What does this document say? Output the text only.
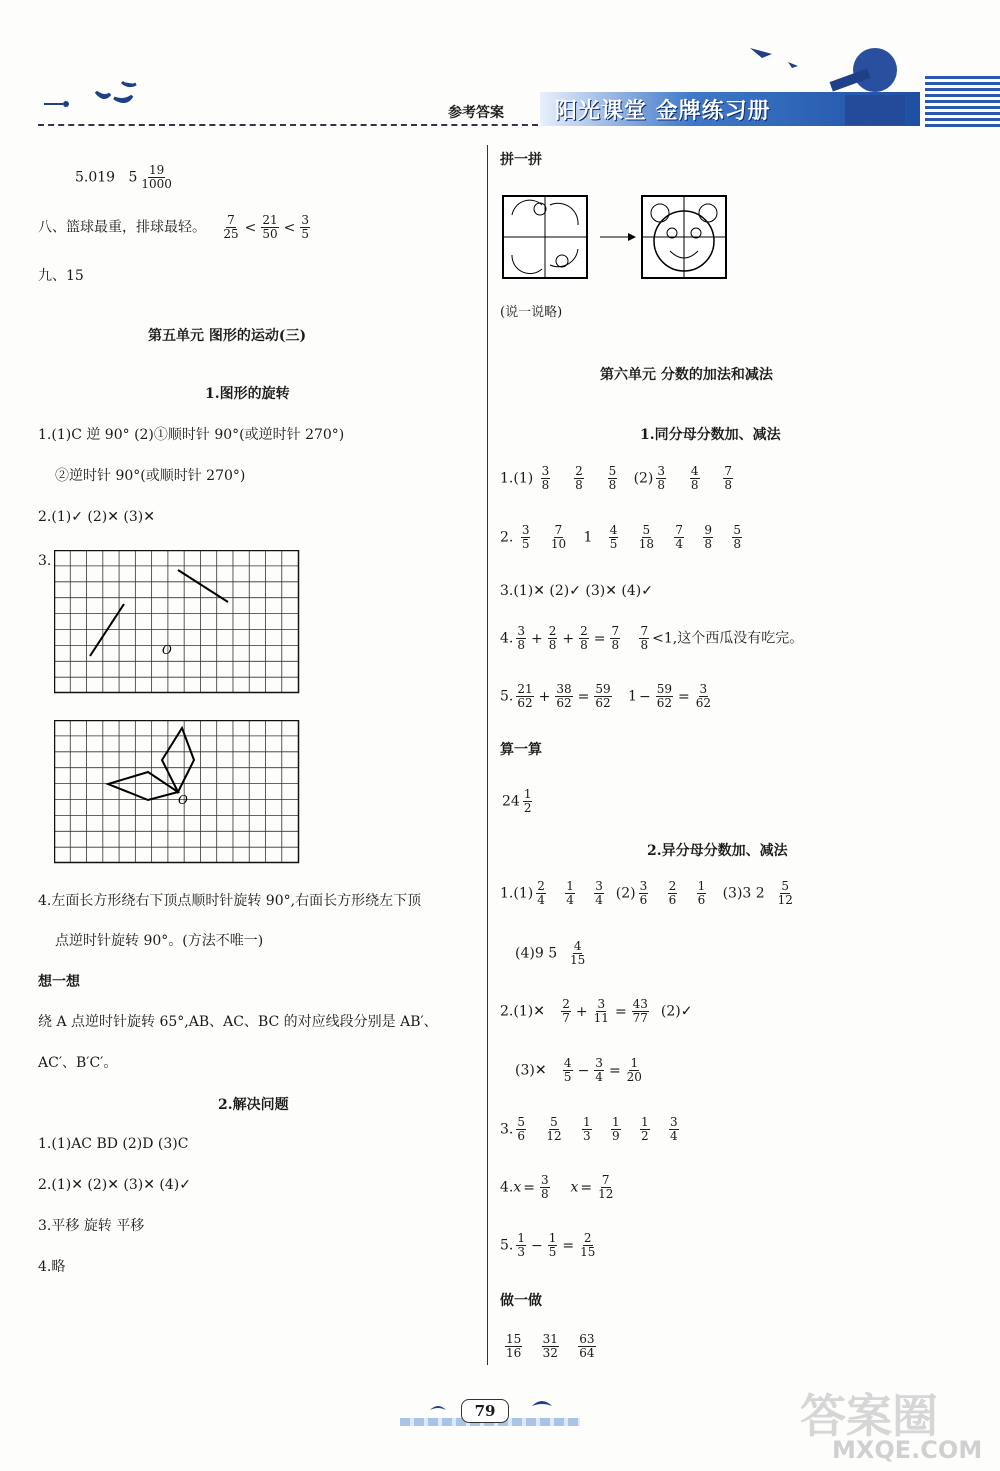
参考答案 阳光课堂 金牌练习册
5.019 $5 \frac{19}{1000}$
八、篮球最重，排球最轻。 $\frac{7}{25} < \frac{21}{50} < \frac{3}{5}$
九、15
第五单元 图形的运动(三)
1.图形的旋转
1.(1)C 逆 90° (2)①顺时针 90°(或逆时针 270°)
②逆时针 90°(或顺时针 270°)
2.(1)✓ (2)✕ (3)✕
3.
O
O
4.左面长方形绕右下顶点顺时针旋转 90°,右面长方形绕左下顶
点逆时针旋转 90°。(方法不唯一)
想一想
绕 A 点逆时针旋转 65°,AB、AC、BC 的对应线段分别是 AB′、
AC′、B′C′。
2.解决问题
1.(1)AC BD (2)D (3)C
2.(1)✕ (2)✕ (3)✕ (4)✓
3.平移 旋转 平移
4.略
拼一拼
(说一说略)
第六单元 分数的加法和减法
1.同分母分数加、减法
$1.(1) \frac{3}{8}$
$\frac{2}{8}$
$\frac{5}{8} (2) \frac{3}{8}$
$\frac{4}{8}$
$\frac{7}{8}$
2. $\frac{3}{5}$
$\frac{7}{10} 1 \frac{4}{5}$
$\frac{5}{18}$
$\frac{7}{4}$
$\frac{9}{8}$
$\frac{5}{8}$
3.(1)✕ (2)✓ (3)✕ (4)✓
4. $\frac{3}{8} + \frac{2}{8} + \frac{2}{8} = \frac{7}{8}$
$\frac{7}{8} <1$,这个西瓜没有吃完。
5. $\frac{21}{62} + \frac{38}{62} = \frac{59}{62} 1 - \frac{59}{62} = \frac{3}{62}$
算一算
$24 \frac{1}{2}$
2.异分母分数加、减法
$1.(1) \frac{2}{4}$
$\frac{1}{4}$
$\frac{3}{4} (2) \frac{3}{6}$
$\frac{2}{6}$
$\frac{1}{6} (3)3$ $2 \frac{5}{12}$
(4)9 $5 \frac{4}{15}$
2.(1)✕ $\frac{2}{7} + \frac{3}{11} = \frac{43}{77}$ (2)✓
(3)✕ $\frac{4}{5} - \frac{3}{4} = \frac{1}{20}$
3. $\frac{5}{6}$
$\frac{5}{12}$
$\frac{1}{3}$
$\frac{1}{9}$
$\frac{1}{2}$
$\frac{3}{4}$
$4.x = \frac{3}{8}$ $x = \frac{7}{12}$
5. $\frac{1}{3} - \frac{1}{5} = \frac{2}{15}$
做一做
$\frac{15}{16}$
$\frac{31}{32}$
$\frac{63}{64}$
79	答案圈
MXQE.COM
